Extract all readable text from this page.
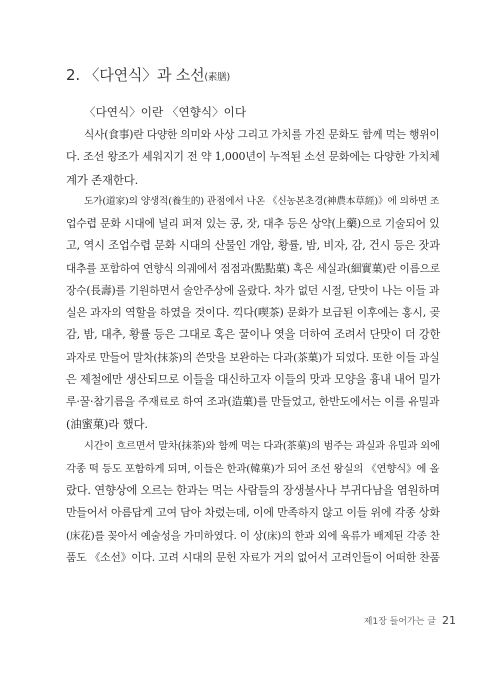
2. 〈다연식〉과 소선(素膳)
〈다연식〉이란 〈연향식〉이다
식사(食事)란 다양한 의미와 사상 그리고 가치를 가진 문화도 함께 먹는 행위이
다. 조선 왕조가 세워지기 전 약 1,000년이 누적된 소선 문화에는 다양한 가치체
계가 존재한다.
도가(道家)의 양생적(養生的) 관점에서 나온 《신농본초경(神農本草經)》에 의하면 조
업수렵 문화 시대에 널리 퍼져 있는 콩, 잣, 대추 등은 상약(上藥)으로 기술되어 있
고, 역시 조업수렵 문화 시대의 산물인 개암, 황률, 밤, 비자, 감, 건시 등은 잣과
대추를 포함하여 연향식 의궤에서 점점과(點點菓) 혹은 세실과(細實菓)란 이름으로
장수(長壽)를 기원하면서 술안주상에 올랐다. 차가 없던 시절, 단맛이 나는 이들 과
실은 과자의 역할을 하였을 것이다. 끽다(喫茶) 문화가 보급된 이후에는 홍시, 곶
감, 밤, 대추, 황률 등은 그대로 혹은 꿀이나 엿을 더하여 조려서 단맛이 더 강한
과자로 만들어 말차(抹茶)의 쓴맛을 보완하는 다과(茶菓)가 되었다. 또한 이들 과실
은 제철에만 생산되므로 이들을 대신하고자 이들의 맛과 모양을 흉내 내어 밀가
루·꿀·참기름을 주재료로 하여 조과(造菓)를 만들었고, 한반도에서는 이를 유밀과
(油蜜菓)라 했다.
시간이 흐르면서 말차(抹茶)와 함께 먹는 다과(茶菓)의 범주는 과실과 유밀과 외에
각종 떡 등도 포함하게 되며, 이들은 한과(韓菓)가 되어 조선 왕실의 《연향식》에 올
랐다. 연향상에 오르는 한과는 먹는 사람들의 장생불사나 부귀다남을 염원하며
만들어서 아름답게 고여 담아 차렸는데, 이에 만족하지 않고 이들 위에 각종 상화
(床花)를 꽂아서 예술성을 가미하였다. 이 상(床)의 한과 외에 육류가 배제된 각종 찬
품도 《소선》이다. 고려 시대의 문헌 자료가 거의 없어서 고려인들이 어떠한 찬품
제1장 들어가는 글 21
